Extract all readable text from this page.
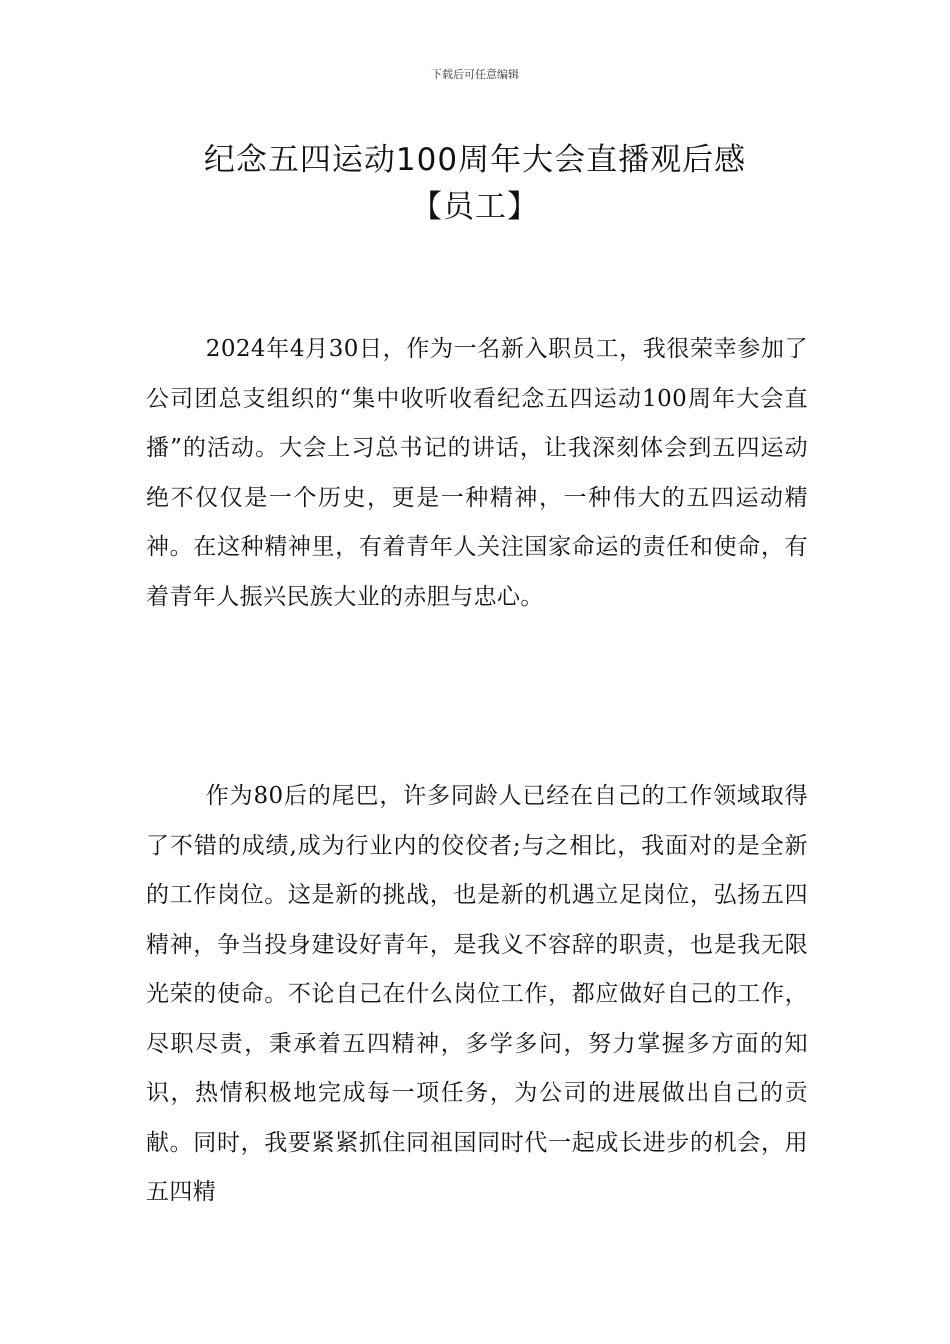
下载后可任意编辑
纪念五四运动100周年大会直播观后感
【员工】

2024年4月30日，作为一名新入职员工，我很荣幸参加了公司团总支组织的“集中收听收看纪念五四运动100周年大会直播”的活动。大会上习总书记的讲话，让我深刻体会到五四运动绝不仅仅是一个历史，更是一种精神，一种伟大的五四运动精神。在这种精神里，有着青年人关注国家命运的责任和使命，有着青年人振兴民族大业的赤胆与忠心。

作为80后的尾巴，许多同龄人已经在自己的工作领域取得了不错的成绩,成为行业内的佼佼者;与之相比，我面对的是全新的工作岗位。这是新的挑战，也是新的机遇立足岗位，弘扬五四精神，争当投身建设好青年，是我义不容辞的职责，也是我无限光荣的使命。不论自己在什么岗位工作，都应做好自己的工作，尽职尽责，秉承着五四精神，多学多问，努力掌握多方面的知识，热情积极地完成每一项任务，为公司的进展做出自己的贡献。同时，我要紧紧抓住同祖国同时代一起成长进步的机会，用五四精
